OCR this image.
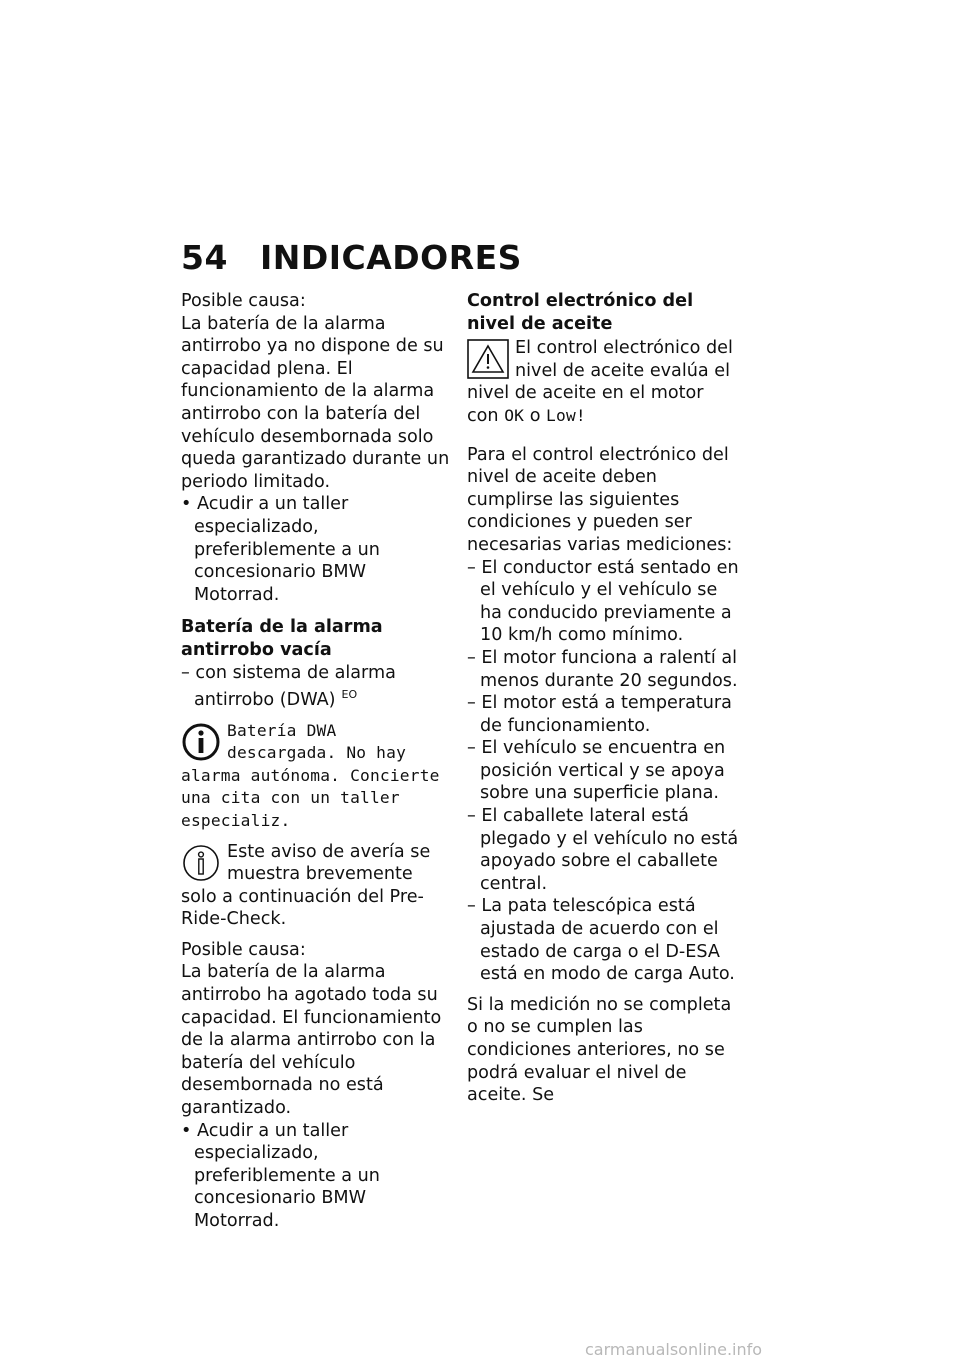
54 INDICADORES

Posible causa:

La batería de la alarma antirrobo ya no dispone de su capacidad plena. El funcionamiento de la alarma antirrobo con la batería del vehículo desembornada solo queda garantizado durante un periodo limitado.

• Acudir a un taller especializado, preferiblemente a un concesionario BMW Motorrad.

Batería de la alarma antirrobo vacía

– con sistema de alarma antirrobo (DWA) $^{EO}$

Batería DWA descargada. No hay alarma autónoma. Concierte una cita con un taller especializ.

Este aviso de avería se muestra brevemente solo a continuación del Pre-Ride-Check.

Posible causa:

La batería de la alarma antirrobo ha agotado toda su capacidad. El funcionamiento de la alarma antirrobo con la batería del vehículo desembornada no está garantizado.

• Acudir a un taller especializado, preferiblemente a un concesionario BMW Motorrad.

Control electrónico del nivel de aceite

El control electrónico del nivel de aceite evalúa el nivel de aceite en el motor con OK o Low!

Para el control electrónico del nivel de aceite deben cumplirse las siguientes condiciones y pueden ser necesarias varias mediciones:

– El conductor está sentado en el vehículo y el vehículo se ha conducido previamente a 10 km/h como mínimo.

– El motor funciona a ralentí al menos durante 20 segundos.

– El motor está a temperatura de funcionamiento.

– El vehículo se encuentra en posición vertical y se apoya sobre una superficie plana.

– El caballete lateral está plegado y el vehículo no está apoyado sobre el caballete central.

– La pata telescópica está ajustada de acuerdo con el estado de carga o el D-ESA está en modo de carga Auto.

Si la medición no se completa o no se cumplen las condiciones anteriores, no se podrá evaluar el nivel de aceite. Se

carmanualsonline.info
